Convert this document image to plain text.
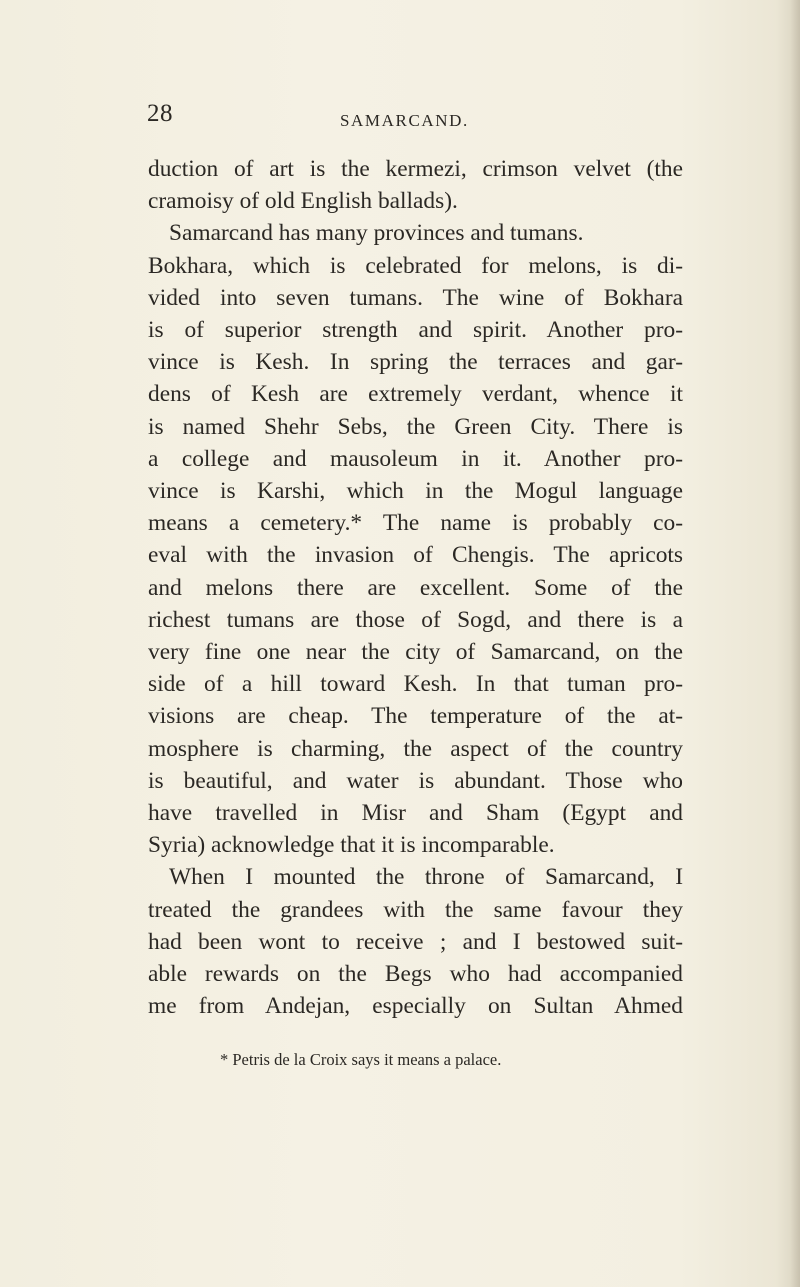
28	SAMARCAND.

duction of art is the kermezi, crimson velvet (the
cramoisy of old English ballads).
Samarcand has many provinces and tumans.
Bokhara, which is celebrated for melons, is di-
vided into seven tumans. The wine of Bokhara
is of superior strength and spirit. Another pro-
vince is Kesh. In spring the terraces and gar-
dens of Kesh are extremely verdant, whence it
is named Shehr Sebs, the Green City. There is
a college and mausoleum in it. Another pro-
vince is Karshi, which in the Mogul language
means a cemetery.* The name is probably co-
eval with the invasion of Chengis. The apricots
and melons there are excellent. Some of the
richest tumans are those of Sogd, and there is a
very fine one near the city of Samarcand, on the
side of a hill toward Kesh. In that tuman pro-
visions are cheap. The temperature of the at-
mosphere is charming, the aspect of the country
is beautiful, and water is abundant. Those who
have travelled in Misr and Sham (Egypt and
Syria) acknowledge that it is incomparable.
When I mounted the throne of Samarcand, I
treated the grandees with the same favour they
had been wont to receive ; and I bestowed suit-
able rewards on the Begs who had accompanied
me from Andejan, especially on Sultan Ahmed

* Petris de la Croix says it means a palace.
